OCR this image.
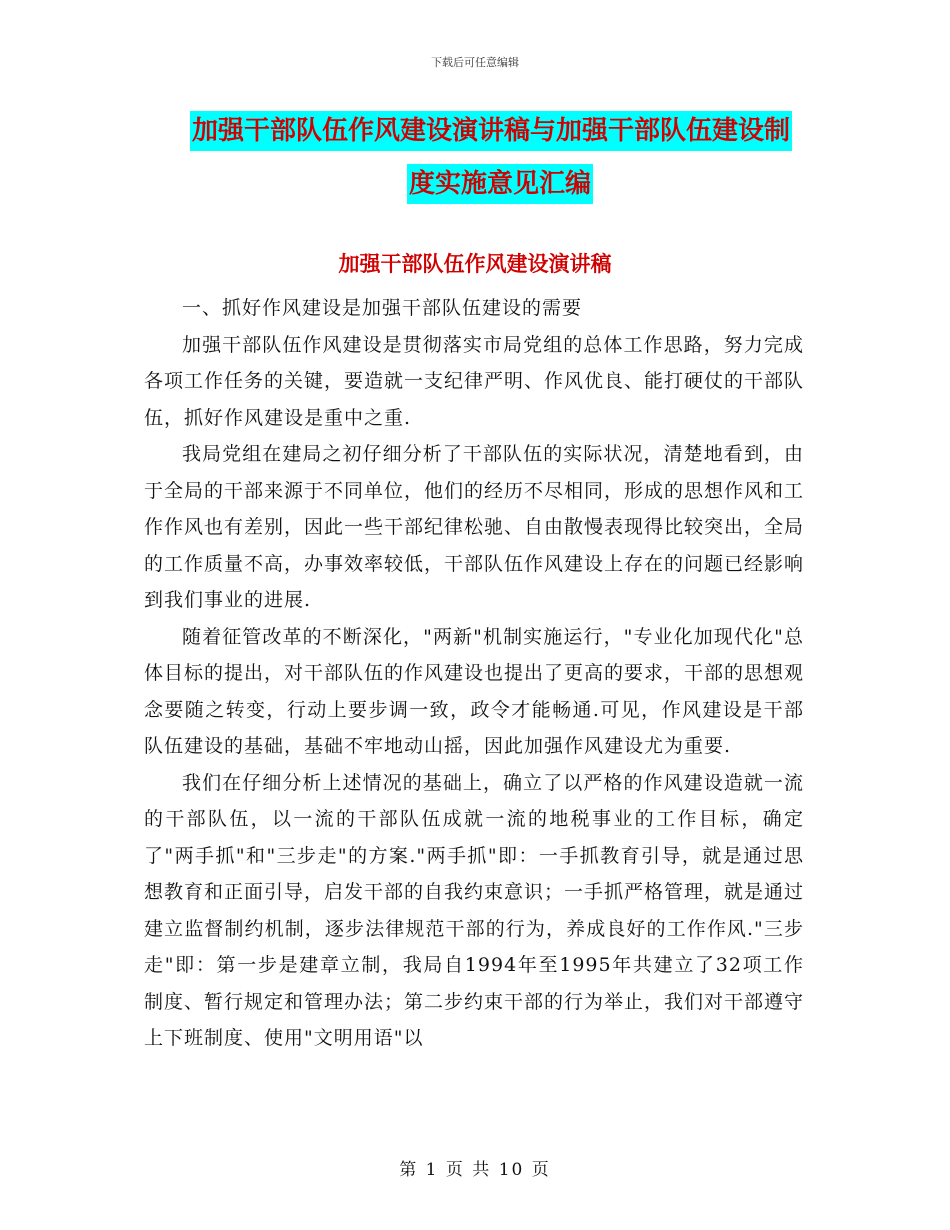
下载后可任意编辑
加强干部队伍作风建设演讲稿与加强干部队伍建设制
度实施意见汇编
加强干部队伍作风建设演讲稿

一、抓好作风建设是加强干部队伍建设的需要

加强干部队伍作风建设是贯彻落实市局党组的总体工作思路，努力完成各项工作任务的关键，要造就一支纪律严明、作风优良、能打硬仗的干部队伍，抓好作风建设是重中之重.

我局党组在建局之初仔细分析了干部队伍的实际状况，清楚地看到，由于全局的干部来源于不同单位，他们的经历不尽相同，形成的思想作风和工作作风也有差别，因此一些干部纪律松驰、自由散慢表现得比较突出，全局的工作质量不高，办事效率较低，干部队伍作风建设上存在的问题已经影响到我们事业的进展.

随着征管改革的不断深化，"两新"机制实施运行，"专业化加现代化"总体目标的提出，对干部队伍的作风建设也提出了更高的要求，干部的思想观念要随之转变，行动上要步调一致，政令才能畅通.可见，作风建设是干部队伍建设的基础，基础不牢地动山摇，因此加强作风建设尤为重要.

我们在仔细分析上述情况的基础上，确立了以严格的作风建设造就一流的干部队伍，以一流的干部队伍成就一流的地税事业的工作目标，确定了"两手抓"和"三步走"的方案."两手抓"即：一手抓教育引导，就是通过思想教育和正面引导，启发干部的自我约束意识；一手抓严格管理，就是通过建立监督制约机制，逐步法律规范干部的行为，养成良好的工作作风."三步走"即：第一步是建章立制，我局自1994年至1995年共建立了32项工作制度、暂行规定和管理办法；第二步约束干部的行为举止，我们对干部遵守上下班制度、使用"文明用语"以

第 1 页 共 10 页
